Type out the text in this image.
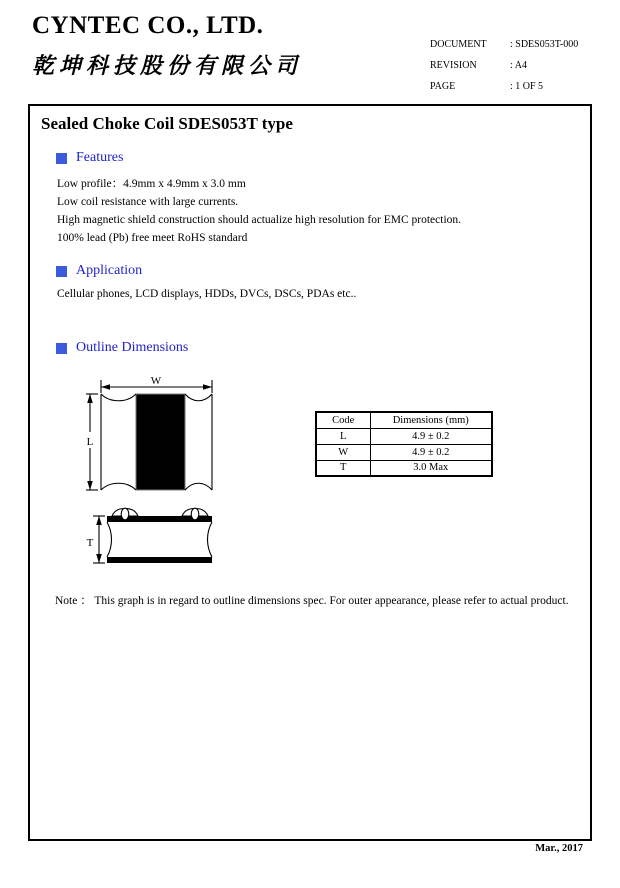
CYNTEC CO., LTD.
乾坤科技股份有限公司
DOCUMENT	: SDES053T-000
REVISION	: A4
PAGE	: 1 OF 5
Sealed Choke Coil SDES053T type
Features
Low profile：4.9mm x 4.9mm x 3.0 mm
Low coil resistance with large currents.
High magnetic shield construction should actualize high resolution for EMC protection.
100% lead (Pb) free meet RoHS standard
Application
Cellular phones, LCD displays, HDDs, DVCs, DSCs, PDAs etc..
Outline Dimensions
W
L
Code	Dimensions (mm)
L	4.9 ± 0.2
W	4.9 ± 0.2
T	3.0 Max
T
Note ： This graph is in regard to outline dimensions spec. For outer appearance, please refer to actual product.
Mar., 2017
